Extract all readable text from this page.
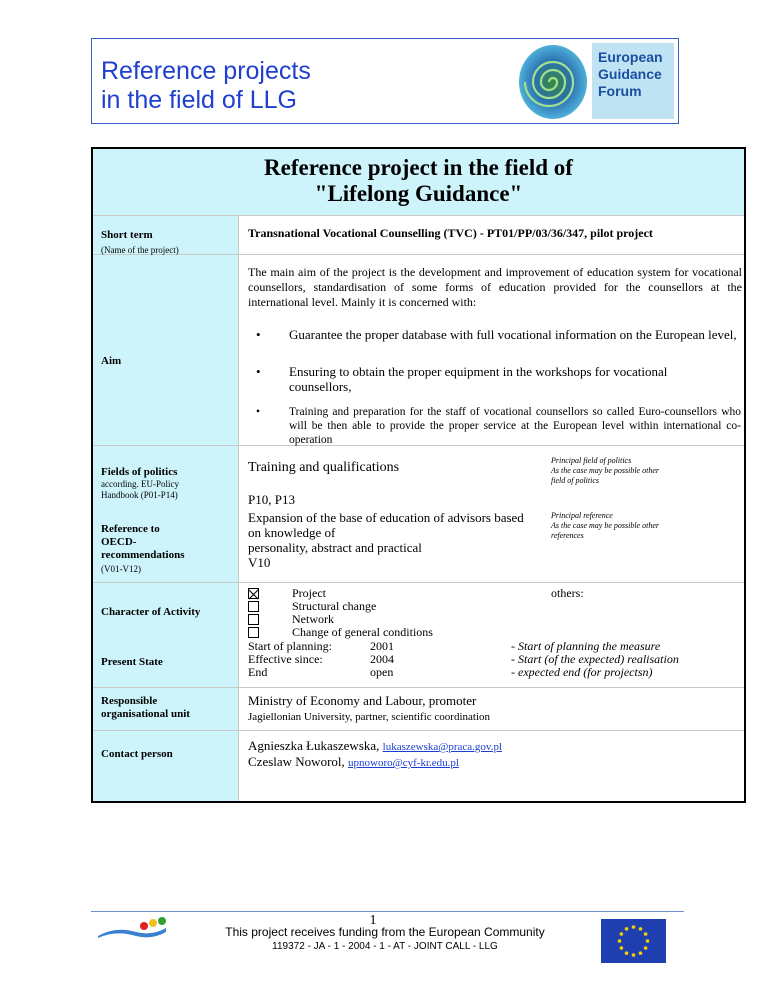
Reference projects
in the field of LLG
European
Guidance
Forum
Reference project in the field of
"Lifelong Guidance"
Short term
(Name of the project)
Transnational Vocational Counselling (TVC) - PT01/PP/03/36/347, pilot project
Aim
The main aim of the project is the development and improvement of education system for vocational counsellors, standardisation of some forms of education provided for the counsellors at the international level. Mainly it is concerned with:
• Guarantee the proper database with full vocational information on the European level,
• Ensuring to obtain the proper equipment in the workshops for vocational counsellors,
•	Training and preparation for the staff of vocational counsellors so called Euro-counsellors who will be then able to provide the proper service at the European level within international co-operation
Fields of politics
according. EU-Policy
Handbook (P01-P14)
Training and qualifications
P10, P13
Principal field of politics
As the case may be possible other
field of politics
Reference to
OECD-
recommendations
(V01-V12)
Expansion of the base of education of advisors based
on knowledge of
personality, abstract and practical
V10
Principal reference
As the case may be possible other
references
Character of Activity
Project
Structural change
Network
Change of general conditions
others:
Present State
Start of planning:
Effective since:
End
2001
2004
open
- Start of planning the measure
- Start (of the expected) realisation
- expected end (for projectsn)
Responsible
organisational unit
Ministry of Economy and Labour, promoter
Jagiellonian University, partner, scientific coordination
Contact person
Agnieszka Łukaszewska, lukaszewska@praca.gov.pl
Czeslaw Noworol, upnoworo@cyf-kr.edu.pl
1
This project receives funding from the European Community
119372 - JA - 1 - 2004 - 1 - AT - JOINT CALL - LLG
